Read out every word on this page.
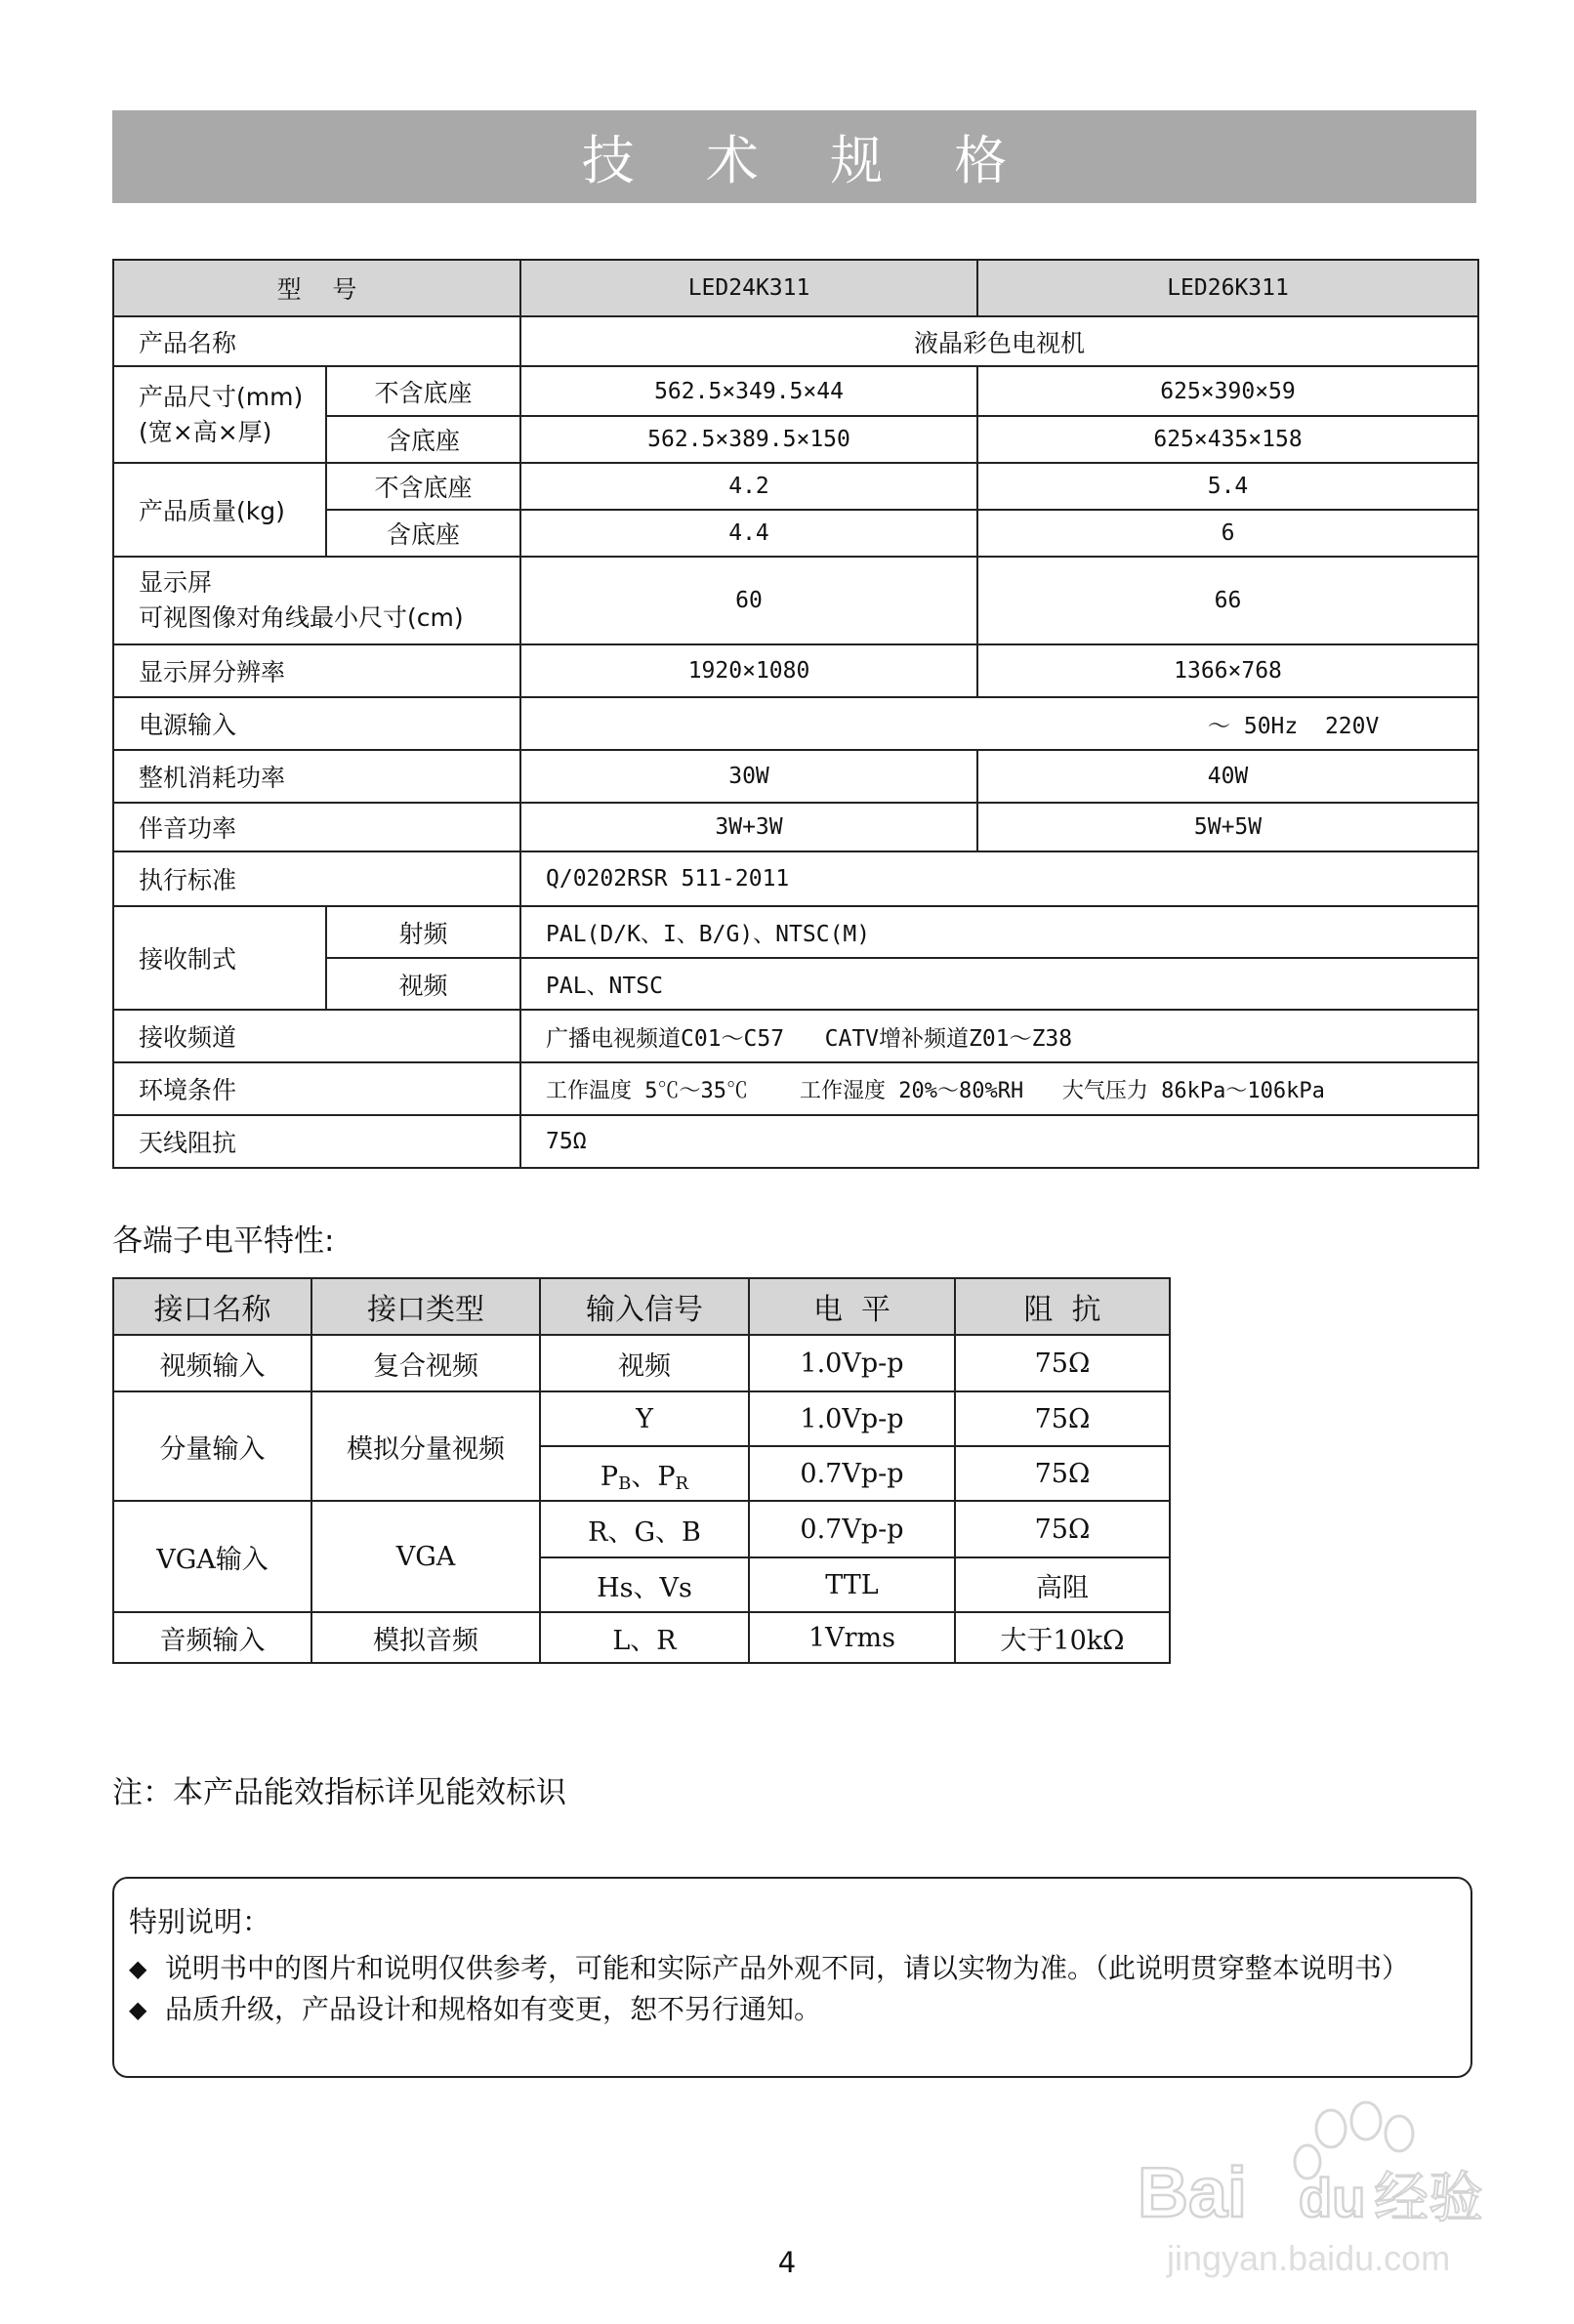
技 术 规 格
型    号		LED24K311	LED26K311
产品名称		液晶彩色电视机	

产品尺寸(mm)
(宽×高×厚)	不含底座	562.5×349.5×44	625×390×59
	含底座	562.5×389.5×150	625×435×158
产品质量(kg)	不含底座	4.2	5.4
	含底座	4.4	6

显示屏
可视图像对角线最小尺寸(cm)		60	66
显示屏分辨率		1920×1080	1366×768
电源输入		～ 50Hz  220V	
整机消耗功率		30W	40W
伴音功率		3W+3W	5W+5W
执行标准		Q/0202RSR 511-2011	
接收制式	射频	PAL(D/K、I、B/G)、NTSC(M)	
	视频	PAL、NTSC	
接收频道		广播电视频道C01～C57   CATV增补频道Z01～Z38	
环境条件		工作温度 5℃～35℃    工作湿度 20%～80%RH   大气压力 86kPa～106kPa	
天线阻抗		75Ω	
各端子电平特性:
接口名称	接口类型	输入信号	电  平	阻  抗
视频输入	复合视频	视频	1.0Vp-p	75Ω
分量输入	模拟分量视频	Y	1.0Vp-p	75Ω
		$P_B$、$P_R$	0.7Vp-p	75Ω
VGA输入	VGA	R、G、B	0.7Vp-p	75Ω
		Hs、Vs	TTL	高阻
音频输入	模拟音频	L、R	1Vrms	大于10kΩ
注：本产品能效指标详见能效标识
特别说明：
◆ 说明书中的图片和说明仅供参考，可能和实际产品外观不同，请以实物为准。（此说明贯穿整本说明书）
◆ 品质升级，产品设计和规格如有变更，恕不另行通知。
Bai du 经验
jingyan.baidu.com
4
